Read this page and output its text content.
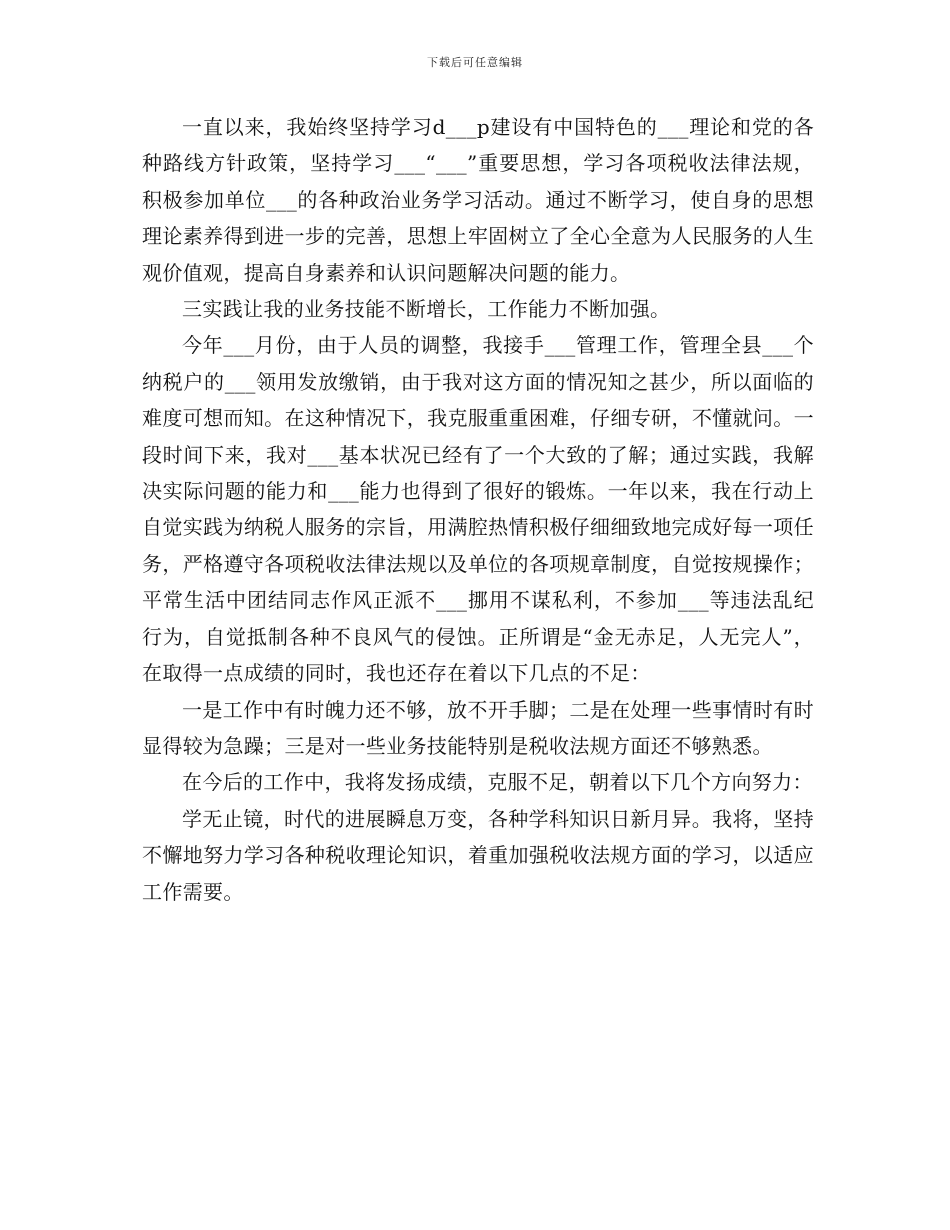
下载后可任意编辑

一直以来，我始终坚持学习d___p建设有中国特色的___理论和党的各种路线方针政策，坚持学习___“___”重要思想，学习各项税收法律法规，积极参加单位___的各种政治业务学习活动。通过不断学习，使自身的思想理论素养得到进一步的完善，思想上牢固树立了全心全意为人民服务的人生观价值观，提高自身素养和认识问题解决问题的能力。

三实践让我的业务技能不断增长，工作能力不断加强。

今年___月份，由于人员的调整，我接手___管理工作，管理全县___个纳税户的___领用发放缴销，由于我对这方面的情况知之甚少，所以面临的难度可想而知。在这种情况下，我克服重重困难，仔细专研，不懂就问。一段时间下来，我对___基本状况已经有了一个大致的了解；通过实践，我解决实际问题的能力和___能力也得到了很好的锻炼。一年以来，我在行动上自觉实践为纳税人服务的宗旨，用满腔热情积极仔细细致地完成好每一项任务，严格遵守各项税收法律法规以及单位的各项规章制度，自觉按规操作；平常生活中团结同志作风正派不___挪用不谋私利，不参加___等违法乱纪行为，自觉抵制各种不良风气的侵蚀。正所谓是“金无赤足，人无完人”，在取得一点成绩的同时，我也还存在着以下几点的不足：

一是工作中有时魄力还不够，放不开手脚；二是在处理一些事情时有时显得较为急躁；三是对一些业务技能特别是税收法规方面还不够熟悉。

在今后的工作中，我将发扬成绩，克服不足，朝着以下几个方向努力：

学无止镜，时代的进展瞬息万变，各种学科知识日新月异。我将，坚持不懈地努力学习各种税收理论知识，着重加强税收法规方面的学习，以适应工作需要。
